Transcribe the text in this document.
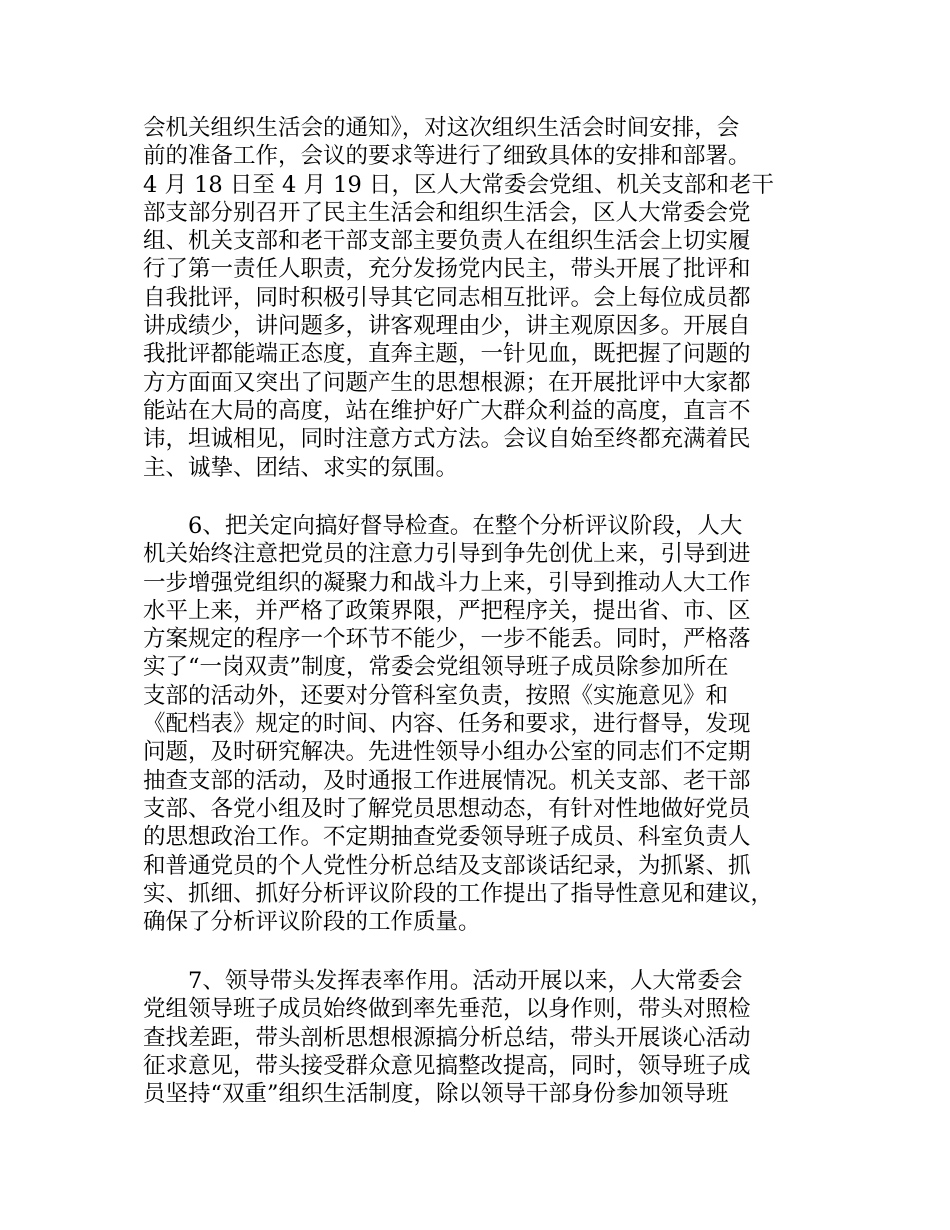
会机关组织生活会的通知》，对这次组织生活会时间安排，会
前的准备工作，会议的要求等进行了细致具体的安排和部署。
4 月 18 日至 4 月 19 日，区人大常委会党组、机关支部和老干
部支部分别召开了民主生活会和组织生活会，区人大常委会党
组、机关支部和老干部支部主要负责人在组织生活会上切实履
行了第一责任人职责，充分发扬党内民主，带头开展了批评和
自我批评，同时积极引导其它同志相互批评。会上每位成员都
讲成绩少，讲问题多，讲客观理由少，讲主观原因多。开展自
我批评都能端正态度，直奔主题，一针见血，既把握了问题的
方方面面又突出了问题产生的思想根源；在开展批评中大家都
能站在大局的高度，站在维护好广大群众利益的高度，直言不
讳，坦诚相见，同时注意方式方法。会议自始至终都充满着民
主、诚挚、团结、求实的氛围。
6、把关定向搞好督导检查。在整个分析评议阶段，人大
机关始终注意把党员的注意力引导到争先创优上来，引导到进
一步增强党组织的凝聚力和战斗力上来，引导到推动人大工作
水平上来，并严格了政策界限，严把程序关，提出省、市、区
方案规定的程序一个环节不能少，一步不能丢。同时，严格落
实了“一岗双责”制度，常委会党组领导班子成员除参加所在
支部的活动外，还要对分管科室负责，按照《实施意见》和
《配档表》规定的时间、内容、任务和要求，进行督导，发现
问题，及时研究解决。先进性领导小组办公室的同志们不定期
抽查支部的活动，及时通报工作进展情况。机关支部、老干部
支部、各党小组及时了解党员思想动态，有针对性地做好党员
的思想政治工作。不定期抽查党委领导班子成员、科室负责人
和普通党员的个人党性分析总结及支部谈话纪录，为抓紧、抓
实、抓细、抓好分析评议阶段的工作提出了指导性意见和建议，
确保了分析评议阶段的工作质量。
7、领导带头发挥表率作用。活动开展以来，人大常委会
党组领导班子成员始终做到率先垂范，以身作则，带头对照检
查找差距，带头剖析思想根源搞分析总结，带头开展谈心活动
征求意见，带头接受群众意见搞整改提高，同时，领导班子成
员坚持“双重”组织生活制度，除以领导干部身份参加领导班
